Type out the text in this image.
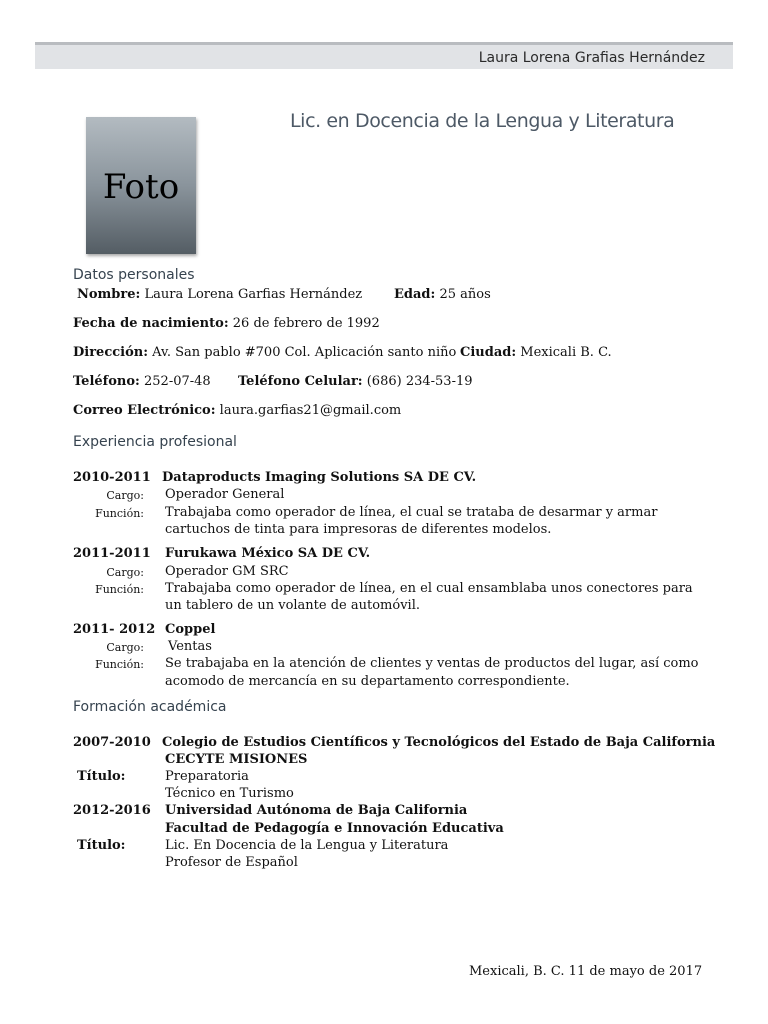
Laura Lorena Grafias Hernández
Foto
Lic. en Docencia de la Lengua y Literatura
Datos personales
Nombre: Laura Lorena Garfias Hernández Edad: 25 años
Fecha de nacimiento: 26 de febrero de 1992
Dirección: Av. San pablo #700 Col. Aplicación santo niño Ciudad: Mexicali B. C.
Teléfono: 252-07-48 Teléfono Celular: (686) 234-53-19
Correo Electrónico: laura.garfias21@gmail.com
Experiencia profesional
2010-2011 Dataproducts Imaging Solutions SA DE CV.
Cargo: Operador General
Función: Trabajaba como operador de línea, el cual se trataba de desarmar y armar
cartuchos de tinta para impresoras de diferentes modelos.
2011-2011 Furukawa México SA DE CV.
Cargo: Operador GM SRC
Función: Trabajaba como operador de línea, en el cual ensamblaba unos conectores para
un tablero de un volante de automóvil.
2011- 2012 Coppel
Cargo: Ventas
Función: Se trabajaba en la atención de clientes y ventas de productos del lugar, así como
acomodo de mercancía en su departamento correspondiente.
Formación académica
2007-2010 Colegio de Estudios Científicos y Tecnológicos del Estado de Baja California
CECYTE MISIONES
Título:	Preparatoria
Técnico en Turismo
2012-2016 Universidad Autónoma de Baja California
Facultad de Pedagogía e Innovación Educativa
Título:	Lic. En Docencia de la Lengua y Literatura
Profesor de Español
Mexicali, B. C. 11 de mayo de 2017
